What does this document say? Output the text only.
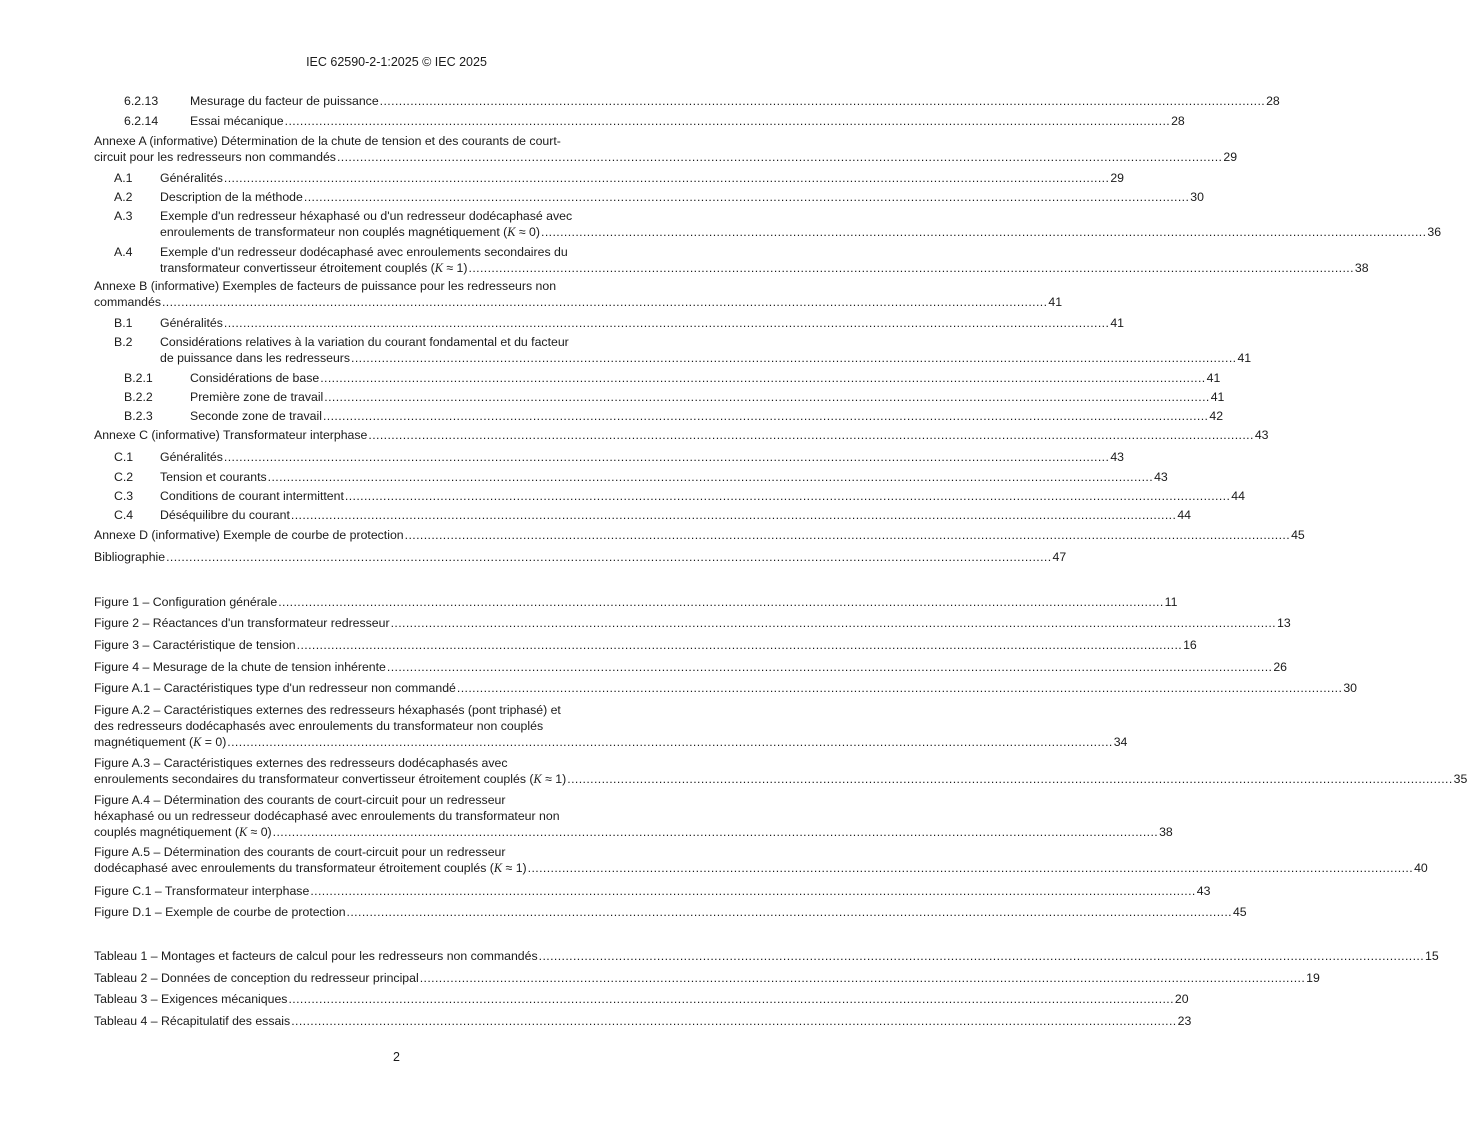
IEC 62590-2-1:2025 © IEC 2025
6.2.13	Mesurage du facteur de puissance .....	28
6.2.14	Essai mécanique .....	28
Annexe A (informative) Détermination de la chute de tension et des courants de court-
circuit pour les redresseurs non commandés .....	29
A.1	Généralités .....	29
A.2	Description de la méthode .....	30
A.3	Exemple d'un redresseur héxaphasé ou d'un redresseur dodécaphasé avec
enroulements de transformateur non couplés magnétiquement (K ≈ 0) .....	36
A.4	Exemple d'un redresseur dodécaphasé avec enroulements secondaires du
transformateur convertisseur étroitement couplés (K ≈ 1) .....	38
Annexe B (informative) Exemples de facteurs de puissance pour les redresseurs non
commandés .....	41
B.1	Généralités .....	41
B.2	Considérations relatives à la variation du courant fondamental et du facteur
de puissance dans les redresseurs .....	41
B.2.1	Considérations de base .....	41
B.2.2	Première zone de travail .....	41
B.2.3	Seconde zone de travail .....	42
Annexe C (informative) Transformateur interphase .....	43
C.1	Généralités .....	43
C.2	Tension et courants .....	43
C.3	Conditions de courant intermittent .....	44
C.4	Déséquilibre du courant .....	44
Annexe D (informative) Exemple de courbe de protection .....	45
Bibliographie .....	47
Figure 1 – Configuration générale .....	11
Figure 2 – Réactances d'un transformateur redresseur .....	13
Figure 3 – Caractéristique de tension .....	16
Figure 4 – Mesurage de la chute de tension inhérente .....	26
Figure A.1 – Caractéristiques type d'un redresseur non commandé .....	30
Figure A.2 – Caractéristiques externes des redresseurs héxaphasés (pont triphasé) et
des redresseurs dodécaphasés avec enroulements du transformateur non couplés
magnétiquement (K = 0) .....	34
Figure A.3 – Caractéristiques externes des redresseurs dodécaphasés avec
enroulements secondaires du transformateur convertisseur étroitement couplés (K ≈ 1) .....	35
Figure A.4 – Détermination des courants de court-circuit pour un redresseur
héxaphasé ou un redresseur dodécaphasé avec enroulements du transformateur non
couplés magnétiquement (K ≈ 0) .....	38
Figure A.5 – Détermination des courants de court-circuit pour un redresseur
dodécaphasé avec enroulements du transformateur étroitement couplés (K ≈ 1) .....	40
Figure C.1 – Transformateur interphase .....	43
Figure D.1 – Exemple de courbe de protection .....	45
Tableau 1 – Montages et facteurs de calcul pour les redresseurs non commandés .....	15
Tableau 2 – Données de conception du redresseur principal .....	19
Tableau 3 – Exigences mécaniques .....	20
Tableau 4 – Récapitulatif des essais .....	23
2
